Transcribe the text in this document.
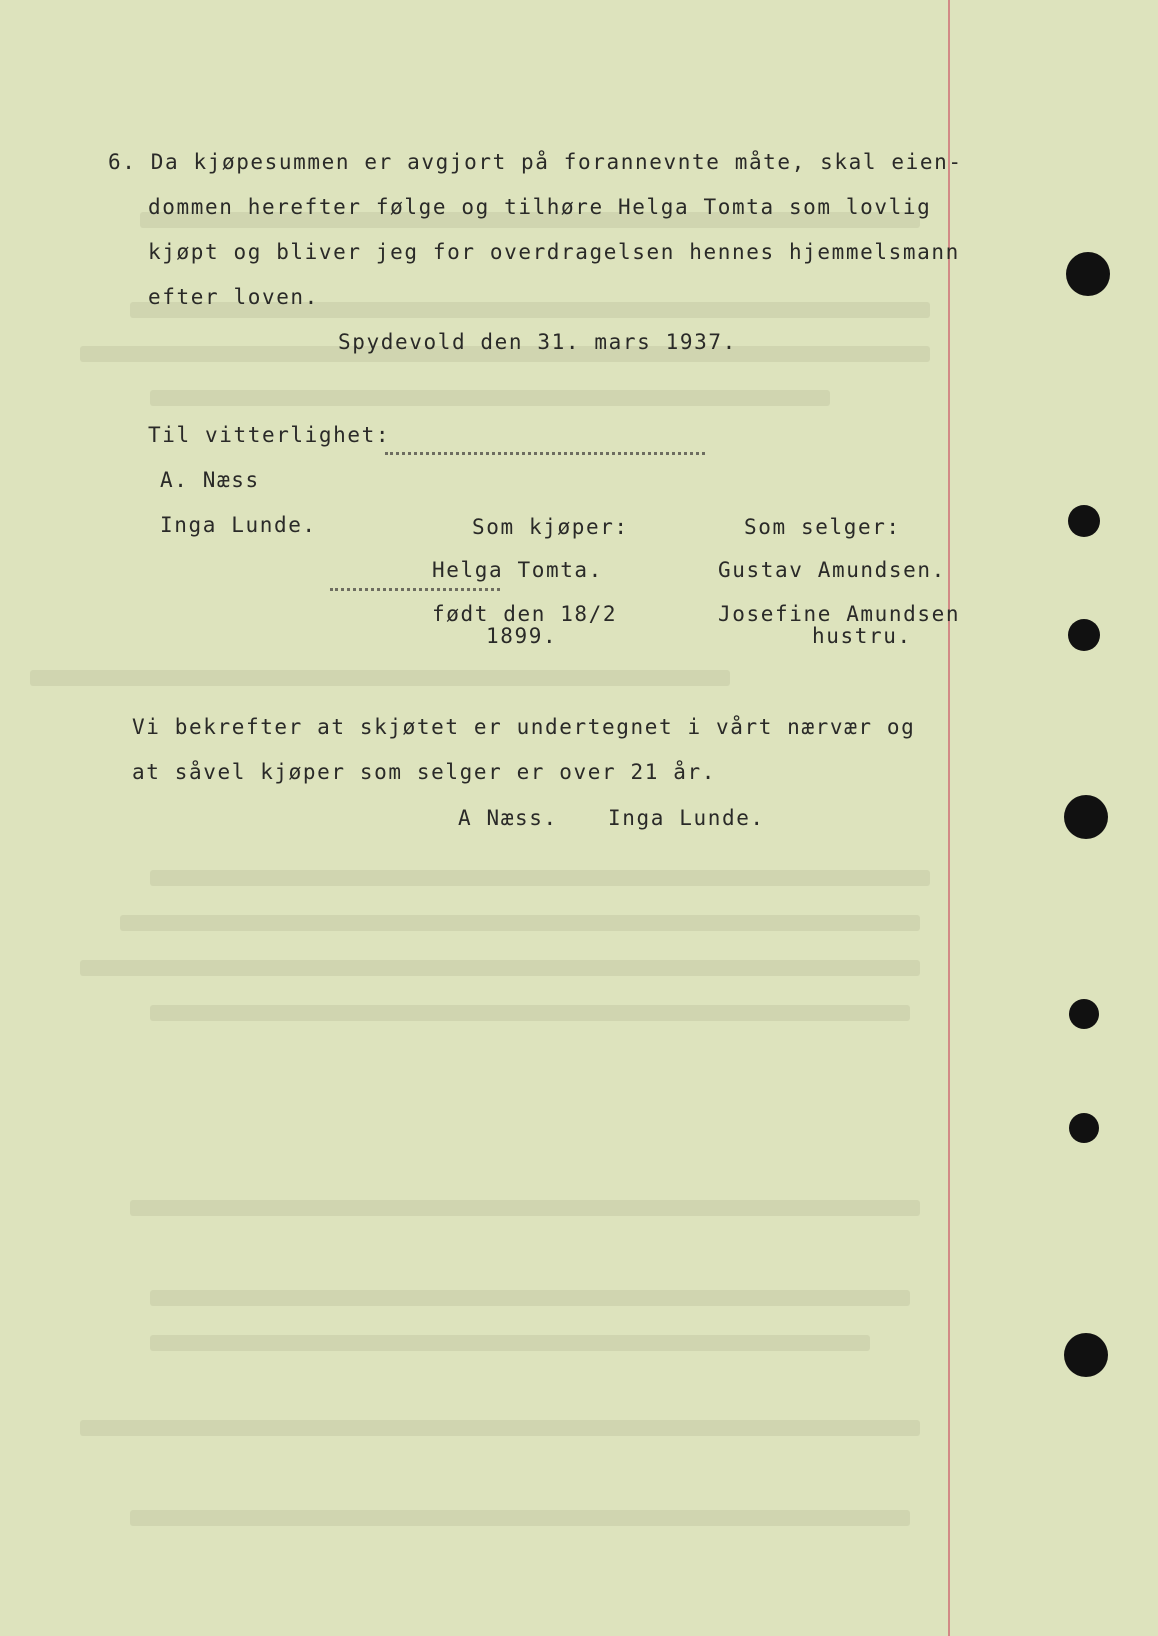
6. Da kjøpesummen er avgjort på forannevnte måte, skal eien-
dommen herefter følge og tilhøre Helga Tomta som lovlig
kjøpt og bliver jeg for overdragelsen hennes hjemmelsmann
efter loven.
Spydevold den 31. mars 1937.
Til vitterlighet:
A. Næss
Inga Lunde.	Som kjøper:
Helga Tomta.
født den 18/2
1899.
Som selger:
Gustav Amundsen.
Josefine Amundsen
hustru.
Vi bekrefter at skjøtet er undertegnet i vårt nærvær og
at såvel kjøper som selger er over 21 år.
A Næss. Inga Lunde.
